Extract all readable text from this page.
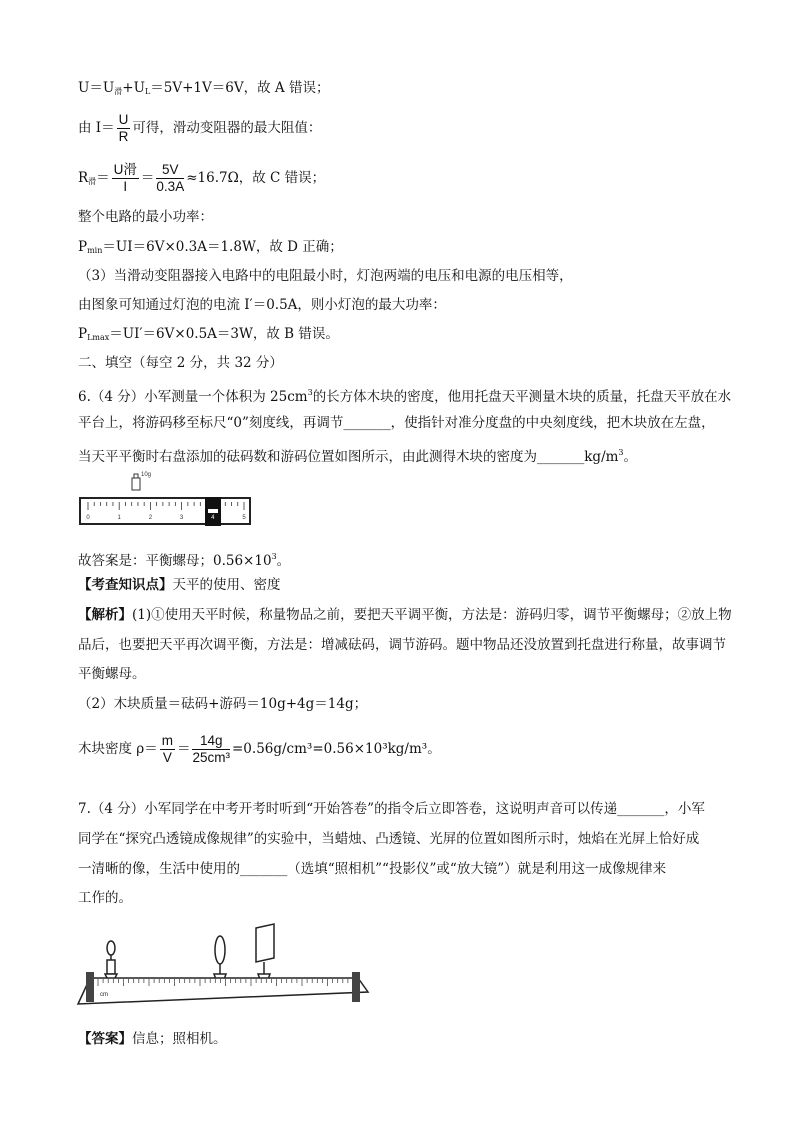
$U=U_滑+U_L=5V+1V=6V$，故 A 错误；
由 $I= \frac{U}{R}$ 可得，滑动变阻器的最大阻值：
$R_滑= \frac{\text{U滑}}{I} = \frac{5V}{0.3A} \approx 16.7\Omega$，故 C 错误；
整个电路的最小功率：
$P_{min}=UI=6V\times 0.3A=1.8W$，故 D 正确；
（3）当滑动变阻器接入电路中的电阻最小时，灯泡两端的电压和电源的电压相等，
由图象可知通过灯泡的电流 I′＝0.5A，则小灯泡的最大功率：
$P_{Lmax}=UI'=6V\times 0.5A=3W$，故 B 错误。
二、填空（每空 2 分，共 32 分）
6.（4 分）小军测量一个体积为 $25cm^3$的长方体木块的密度，他用托盘天平测量木块的质量，托盘天平放在水
平台上，将游码移至标尺“0”刻度线，再调节_______，使指针对准分度盘的中央刻度线，把木块放在左盘，
当天平平衡时右盘添加的砝码数和游码位置如图所示，由此测得木块的密度为$\_\_\_\_\_\_\_kg/m^3$。
10g
0	1	2	3	4	5
故答案是：平衡螺母；$0.56\times 10^3$。
【考查知识点】天平的使用、密度
【解析】(1)①使用天平时候，称量物品之前，要把天平调平衡，方法是：游码归零，调节平衡螺母；②放上物
品后，也要把天平再次调平衡，方法是：增减砝码，调节游码。题中物品还没放置到托盘进行称量，故事调节
平衡螺母。
（2）木块质量＝砝码+游码＝10g+4g＝14g；
木块密度 $\rho= \frac{m}{V} = \frac{14g}{\text{25cm³}} =0.56g/cm^3=0.56\times 10^3kg/m^3$。
7.（4 分）小军同学在中考开考时听到“开始答卷”的指令后立即答卷，这说明声音可以传递_______，小军
同学在“探究凸透镜成像规律”的实验中，当蜡烛、凸透镜、光屏的位置如图所示时，烛焰在光屏上恰好成
一清晰的像，生活中使用的_______（选填“照相机”“投影仪”或“放大镜”）就是利用这一成像规律来
工作的。
cm
【答案】信息；照相机。
